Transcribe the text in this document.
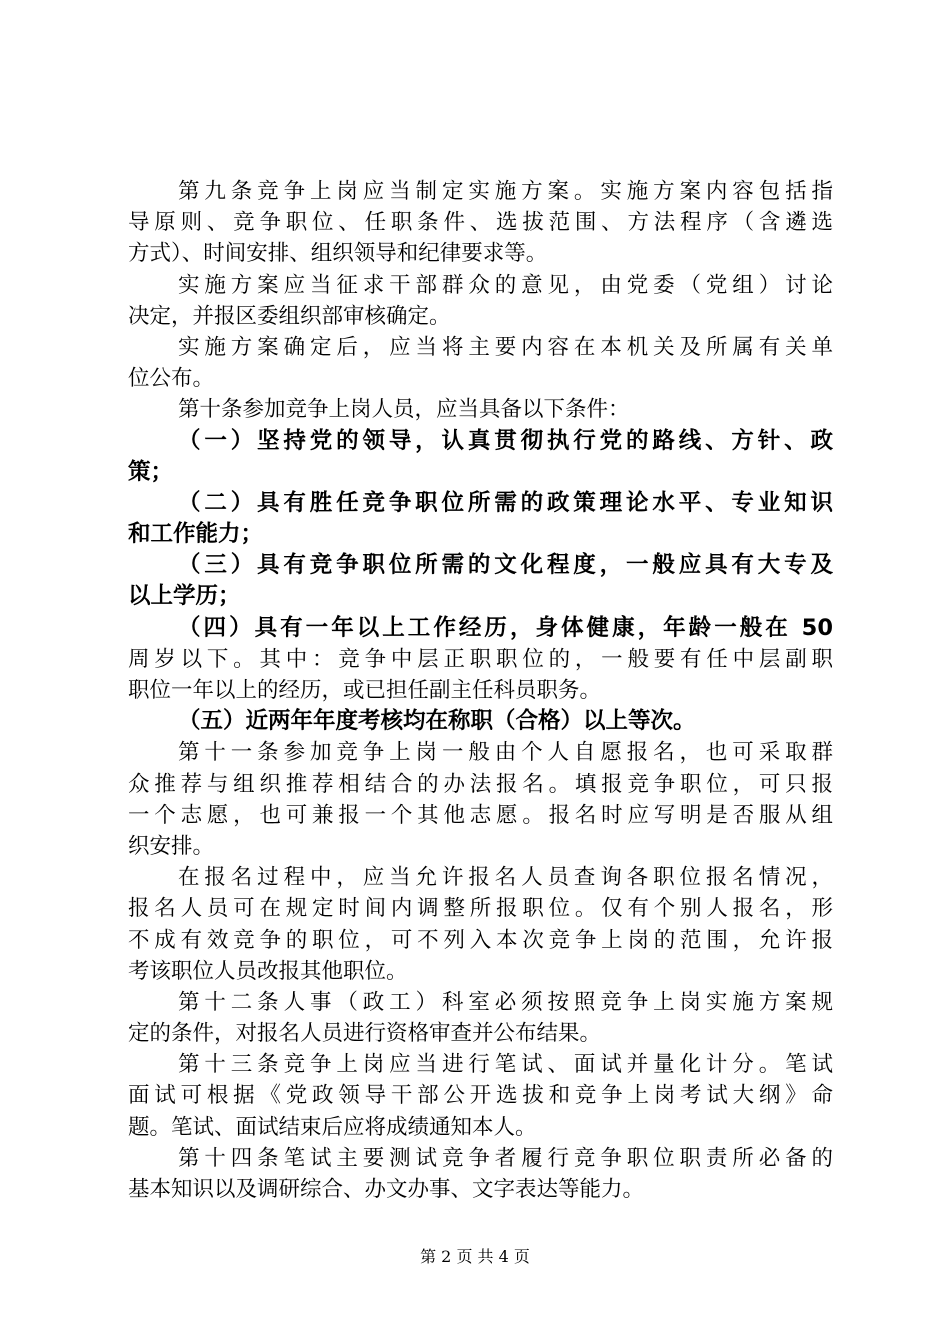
第九条竞争上岗应当制定实施方案。实施方案内容包括指
导原则、竞争职位、任职条件、选拔范围、方法程序（含遴选
方式）、时间安排、组织领导和纪律要求等。
实施方案应当征求干部群众的意见，由党委（党组）讨论
决定，并报区委组织部审核确定。
实施方案确定后，应当将主要内容在本机关及所属有关单
位公布。
第十条参加竞争上岗人员，应当具备以下条件：
（一）坚持党的领导，认真贯彻执行党的路线、方针、政
策；
（二）具有胜任竞争职位所需的政策理论水平、专业知识
和工作能力；
（三）具有竞争职位所需的文化程度，一般应具有大专及
以上学历；
（四）具有一年以上工作经历，身体健康，年龄一般在 50
周岁以下。其中：竞争中层正职职位的，一般要有任中层副职
职位一年以上的经历，或已担任副主任科员职务。
（五）近两年年度考核均在称职（合格）以上等次。
第十一条参加竞争上岗一般由个人自愿报名，也可采取群
众推荐与组织推荐相结合的办法报名。填报竞争职位，可只报
一个志愿，也可兼报一个其他志愿。报名时应写明是否服从组
织安排。
在报名过程中，应当允许报名人员查询各职位报名情况，
报名人员可在规定时间内调整所报职位。仅有个别人报名，形
不成有效竞争的职位，可不列入本次竞争上岗的范围，允许报
考该职位人员改报其他职位。
第十二条人事（政工）科室必须按照竞争上岗实施方案规
定的条件，对报名人员进行资格审查并公布结果。
第十三条竞争上岗应当进行笔试、面试并量化计分。笔试
面试可根据《党政领导干部公开选拔和竞争上岗考试大纲》命
题。笔试、面试结束后应将成绩通知本人。
第十四条笔试主要测试竞争者履行竞争职位职责所必备的
基本知识以及调研综合、办文办事、文字表达等能力。
第 2 页 共 4 页
